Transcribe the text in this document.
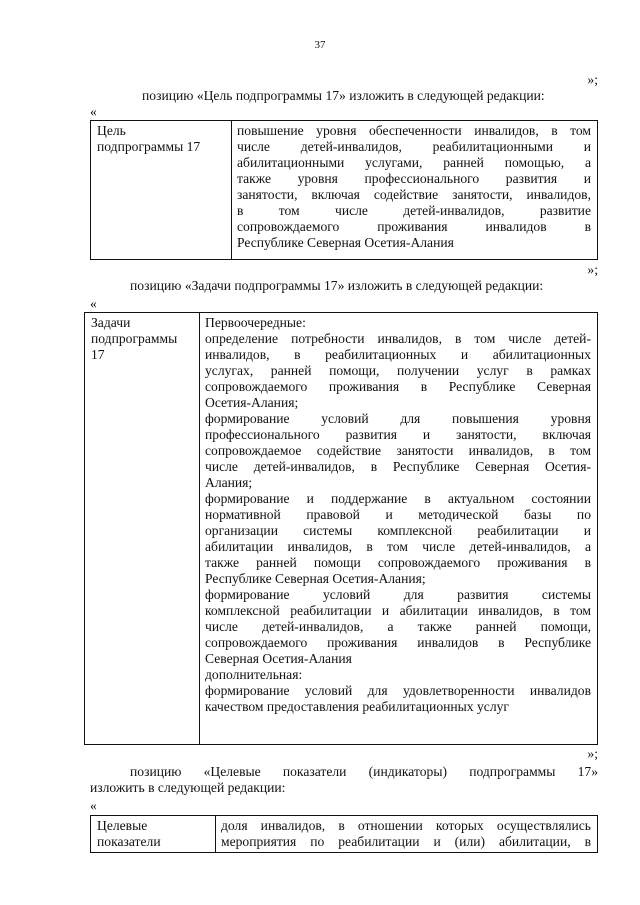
37
»;
позицию «Цель подпрограммы 17» изложить в следующей редакции:
«
Цель
подпрограммы 17
повышение уровня обеспеченности инвалидов, в том
числе детей-инвалидов, реабилитационными и
абилитационными услугами, ранней помощью, а
также уровня профессионального развития и
занятости, включая содействие занятости, инвалидов,
в том числе детей-инвалидов, развитие
сопровождаемого проживания инвалидов в
Республике Северная Осетия-Алания
»;
позицию «Задачи подпрограммы 17» изложить в следующей редакции:
«
Задачи
подпрограммы
17
Первоочередные:
определение потребности инвалидов, в том числе детей-
инвалидов, в реабилитационных и абилитационных
услугах, ранней помощи, получении услуг в рамках
сопровождаемого проживания в Республике Северная
Осетия-Алания;
формирование условий для повышения уровня
профессионального развития и занятости, включая
сопровождаемое содействие занятости инвалидов, в том
числе детей-инвалидов, в Республике Северная Осетия-
Алания;
формирование и поддержание в актуальном состоянии
нормативной правовой и методической базы по
организации системы комплексной реабилитации и
абилитации инвалидов, в том числе детей-инвалидов, а
также ранней помощи сопровождаемого проживания в
Республике Северная Осетия-Алания;
формирование условий для развития системы
комплексной реабилитации и абилитации инвалидов, в том
числе детей-инвалидов, а также ранней помощи,
сопровождаемого проживания инвалидов в Республике
Северная Осетия-Алания
дополнительная:
формирование условий для удовлетворенности инвалидов
качеством предоставления реабилитационных услуг
»;
позицию «Целевые показатели (индикаторы) подпрограммы 17»
изложить в следующей редакции:
«
Целевые
показатели
доля инвалидов, в отношении которых осуществлялись
мероприятия по реабилитации и (или) абилитации, в
